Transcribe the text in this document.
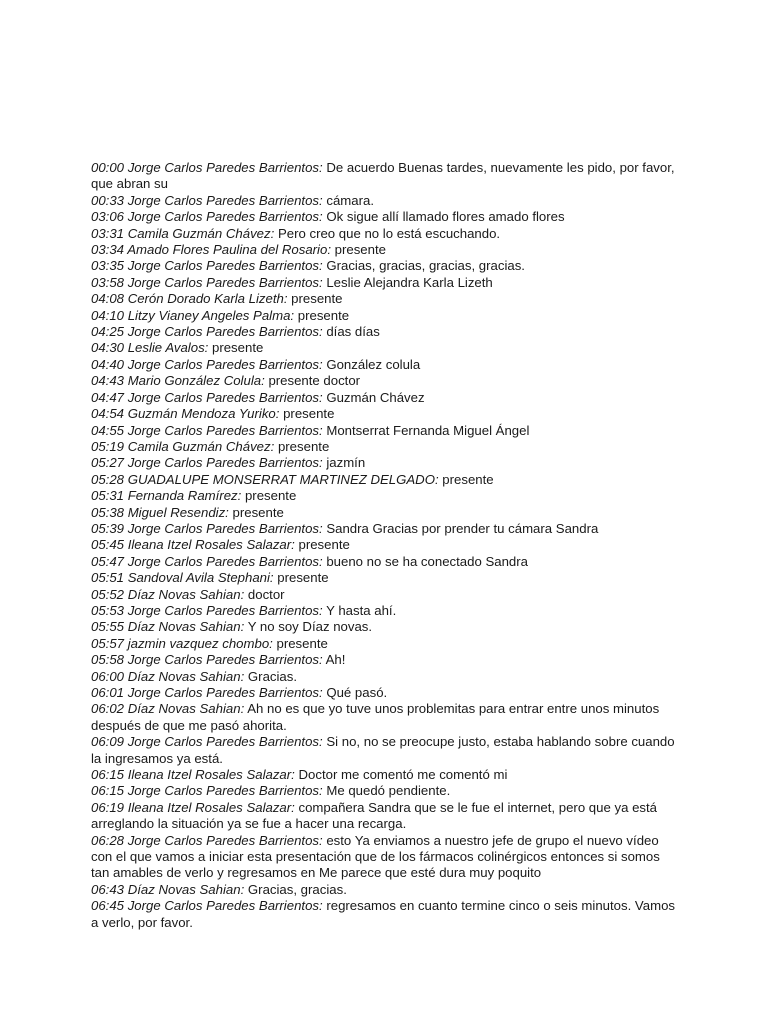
00:00 Jorge Carlos Paredes Barrientos: De acuerdo Buenas tardes, nuevamente les pido, por favor, que abran su

00:33 Jorge Carlos Paredes Barrientos: cámara.

03:06 Jorge Carlos Paredes Barrientos: Ok sigue allí llamado flores amado flores

03:31 Camila Guzmán Chávez: Pero creo que no lo está escuchando.

03:34 Amado Flores Paulina del Rosario: presente

03:35 Jorge Carlos Paredes Barrientos: Gracias, gracias, gracias, gracias.

03:58 Jorge Carlos Paredes Barrientos: Leslie Alejandra Karla Lizeth

04:08 Cerón Dorado Karla Lizeth: presente

04:10 Litzy Vianey Angeles Palma: presente

04:25 Jorge Carlos Paredes Barrientos: días días

04:30 Leslie Avalos: presente

04:40 Jorge Carlos Paredes Barrientos: González colula

04:43 Mario González Colula: presente doctor

04:47 Jorge Carlos Paredes Barrientos: Guzmán Chávez

04:54 Guzmán Mendoza Yuriko: presente

04:55 Jorge Carlos Paredes Barrientos: Montserrat Fernanda Miguel Ángel

05:19 Camila Guzmán Chávez: presente

05:27 Jorge Carlos Paredes Barrientos: jazmín

05:28 GUADALUPE MONSERRAT MARTINEZ DELGADO: presente

05:31 Fernanda Ramírez: presente

05:38 Miguel Resendiz: presente

05:39 Jorge Carlos Paredes Barrientos: Sandra Gracias por prender tu cámara Sandra

05:45 Ileana Itzel Rosales Salazar: presente

05:47 Jorge Carlos Paredes Barrientos: bueno no se ha conectado Sandra

05:51 Sandoval Avila Stephani: presente

05:52 Díaz Novas Sahian: doctor

05:53 Jorge Carlos Paredes Barrientos: Y hasta ahí.

05:55 Díaz Novas Sahian: Y no soy Díaz novas.

05:57 jazmin vazquez chombo: presente

05:58 Jorge Carlos Paredes Barrientos: Ah!

06:00 Díaz Novas Sahian: Gracias.

06:01 Jorge Carlos Paredes Barrientos: Qué pasó.

06:02 Díaz Novas Sahian: Ah no es que yo tuve unos problemitas para entrar entre unos minutos después de que me pasó ahorita.

06:09 Jorge Carlos Paredes Barrientos: Si no, no se preocupe justo, estaba hablando sobre cuando la ingresamos ya está.

06:15 Ileana Itzel Rosales Salazar: Doctor me comentó me comentó mi

06:15 Jorge Carlos Paredes Barrientos: Me quedó pendiente.

06:19 Ileana Itzel Rosales Salazar: compañera Sandra que se le fue el internet, pero que ya está arreglando la situación ya se fue a hacer una recarga.

06:28 Jorge Carlos Paredes Barrientos: esto Ya enviamos a nuestro jefe de grupo el nuevo vídeo con el que vamos a iniciar esta presentación que de los fármacos colinérgicos entonces si somos tan amables de verlo y regresamos en Me parece que esté dura muy poquito

06:43 Díaz Novas Sahian: Gracias, gracias.

06:45 Jorge Carlos Paredes Barrientos: regresamos en cuanto termine cinco o seis minutos. Vamos a verlo, por favor.
